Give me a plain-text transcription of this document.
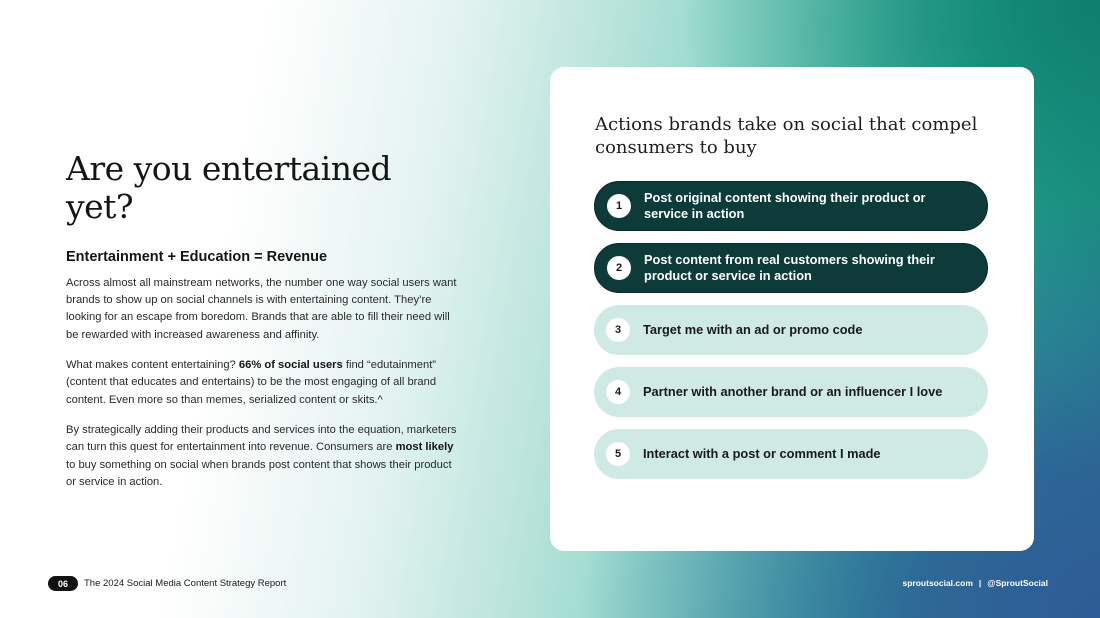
Are you entertained yet?
Entertainment + Education = Revenue

Across almost all mainstream networks, the number one way social users want brands to show up on social channels is with entertaining content. They’re looking for an escape from boredom. Brands that are able to fill their need will be rewarded with increased awareness and affinity.

What makes content entertaining? 66% of social users find “edutainment” (content that educates and entertains) to be the most engaging of all brand content. Even more so than memes, serialized content or skits.^

By strategically adding their products and services into the equation, marketers can turn this quest for entertainment into revenue. Consumers are most likely to buy something on social when brands post content that shows their product or service in action.

Actions brands take on social that compel consumers to buy
1
Post original content showing their product or service in action
2
Post content from real customers showing their product or service in action
3	Target me with an ad or promo code
4	Partner with another brand or an influencer I love
5	Interact with a post or comment I made
06	The 2024 Social Media Content Strategy Report	sproutsocial.com | @SproutSocial
